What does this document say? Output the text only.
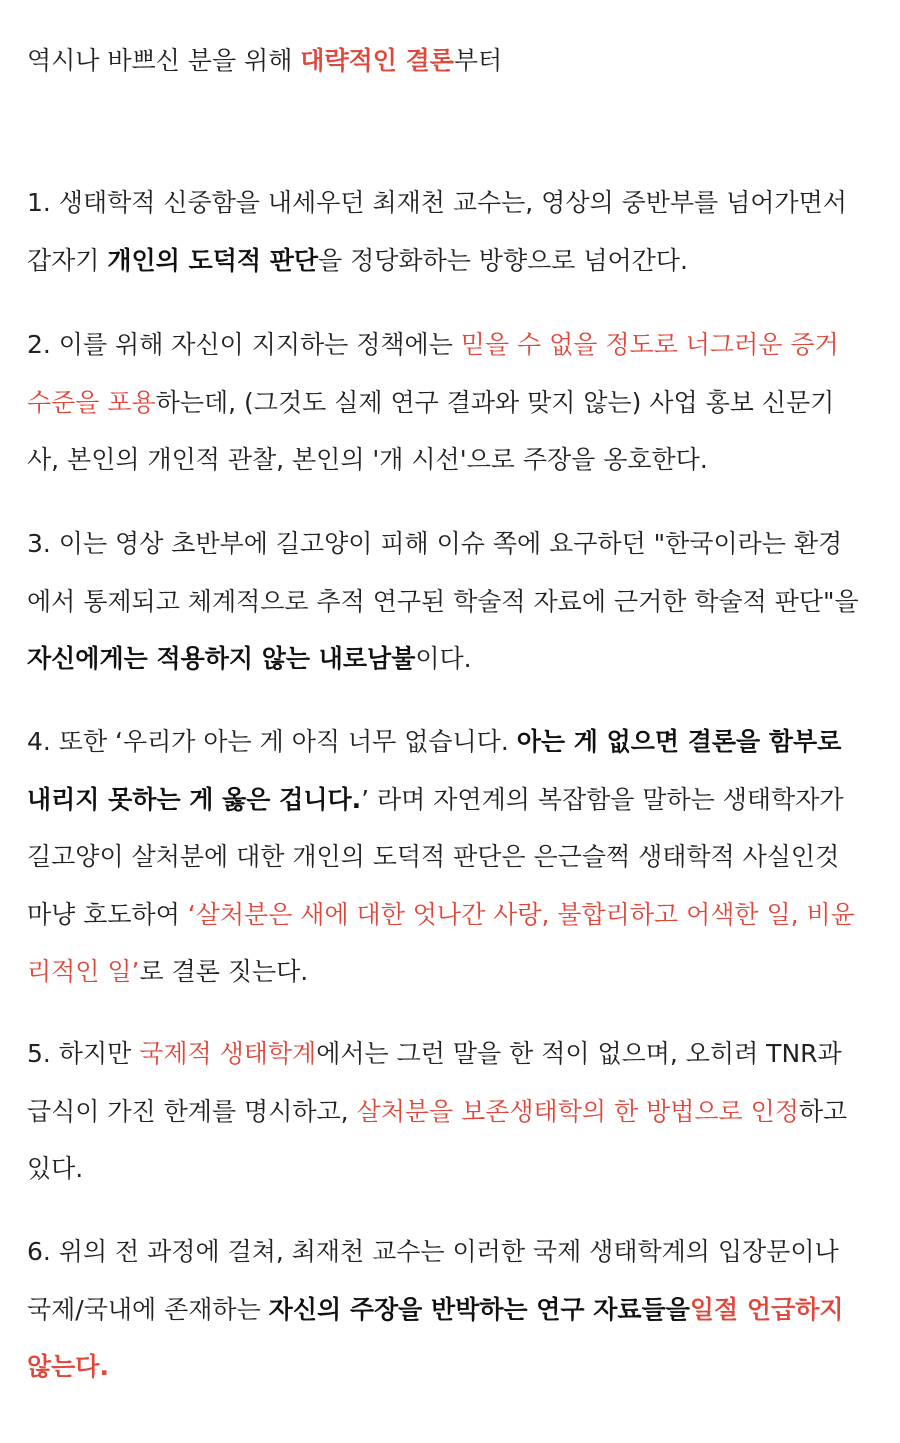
역시나 바쁘신 분을 위해 대략적인 결론부터
1. 생태학적 신중함을 내세우던 최재천 교수는, 영상의 중반부를 넘어가면서
갑자기 개인의 도덕적 판단을 정당화하는 방향으로 넘어간다.
2. 이를 위해 자신이 지지하는 정책에는 믿을 수 없을 정도로 너그러운 증거
수준을 포용하는데, (그것도 실제 연구 결과와 맞지 않는) 사업 홍보 신문기
사, 본인의 개인적 관찰, 본인의 '개 시선'으로 주장을 옹호한다.
3. 이는 영상 초반부에 길고양이 피해 이슈 쪽에 요구하던 "한국이라는 환경
에서 통제되고 체계적으로 추적 연구된 학술적 자료에 근거한 학술적 판단"을
자신에게는 적용하지 않는 내로남불이다.
4. 또한 ‘우리가 아는 게 아직 너무 없습니다. 아는 게 없으면 결론을 함부로
내리지 못하는 게 옳은 겁니다.’ 라며 자연계의 복잡함을 말하는 생태학자가
길고양이 살처분에 대한 개인의 도덕적 판단은 은근슬쩍 생태학적 사실인것
마냥 호도하여 ‘살처분은 새에 대한 엇나간 사랑, 불합리하고 어색한 일, 비윤
리적인 일’로 결론 짓는다.
5. 하지만 국제적 생태학계에서는 그런 말을 한 적이 없으며, 오히려 TNR과
급식이 가진 한계를 명시하고, 살처분을 보존생태학의 한 방법으로 인정하고
있다.
6. 위의 전 과정에 걸쳐, 최재천 교수는 이러한 국제 생태학계의 입장문이나
국제/국내에 존재하는 자신의 주장을 반박하는 연구 자료들을일절 언급하지
않는다.
